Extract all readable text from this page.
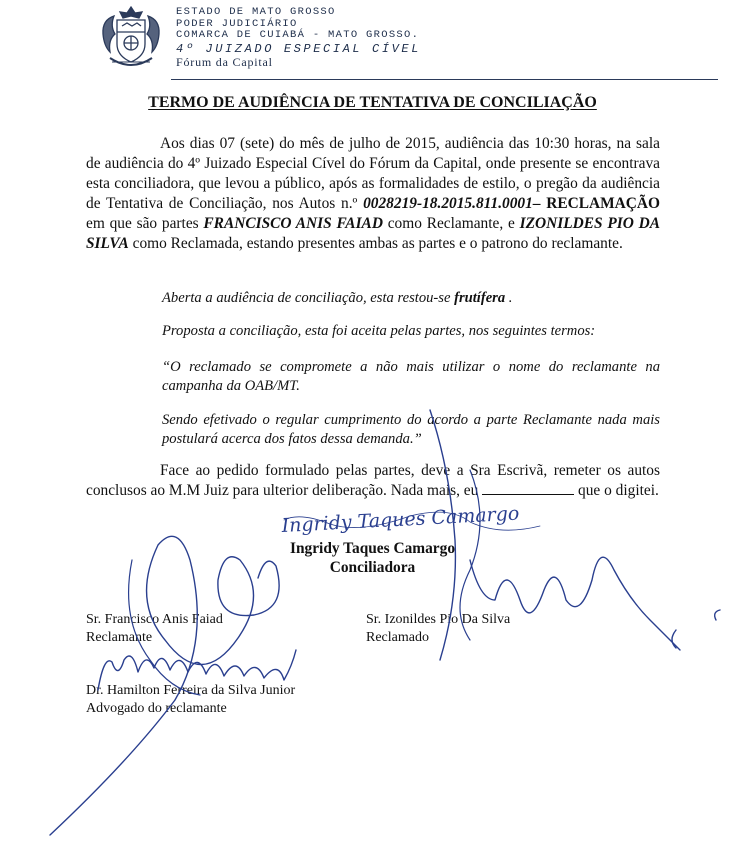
ESTADO DE MATO GROSSO
PODER JUDICIÁRIO
COMARCA DE CUIABÁ - MATO GROSSO.
4º JUIZADO ESPECIAL CÍVEL
Fórum da Capital
TERMO DE AUDIÊNCIA DE TENTATIVA DE CONCILIAÇÃO

Aos dias 07 (sete) do mês de julho de 2015, audiência das 10:30 horas, na sala de audiência do 4º Juizado Especial Cível do Fórum da Capital, onde presente se encontrava esta conciliadora, que levou a público, após as formalidades de estilo, o pregão da audiência de Tentativa de Conciliação, nos Autos n.º 0028219-18.2015.811.0001– RECLAMAÇÃO em que são partes FRANCISCO ANIS FAIAD como Reclamante, e IZONILDES PIO DA SILVA como Reclamada, estando presentes ambas as partes e o patrono do reclamante.

Aberta a audiência de conciliação, esta restou-se frutífera .
Proposta a conciliação, esta foi aceita pelas partes, nos seguintes termos:
“O reclamado se compromete a não mais utilizar o nome do reclamante na campanha da OAB/MT.
Sendo efetivado o regular cumprimento do acordo a parte Reclamante nada mais postulará acerca dos fatos dessa demanda.”

Face ao pedido formulado pelas partes, deve a Sra Escrivã, remeter os autos conclusos ao M.M Juiz para ulterior deliberação. Nada mais, eu	que o digitei.

Ingridy Taques Camargo
Conciliadora
Sr. Francisco Anis Faiad
Reclamante
Sr. Izonildes Pio Da Silva
Reclamado
Dr. Hamilton Ferreira da Silva Junior
Advogado do reclamante
Ingridy Taques Camargo
